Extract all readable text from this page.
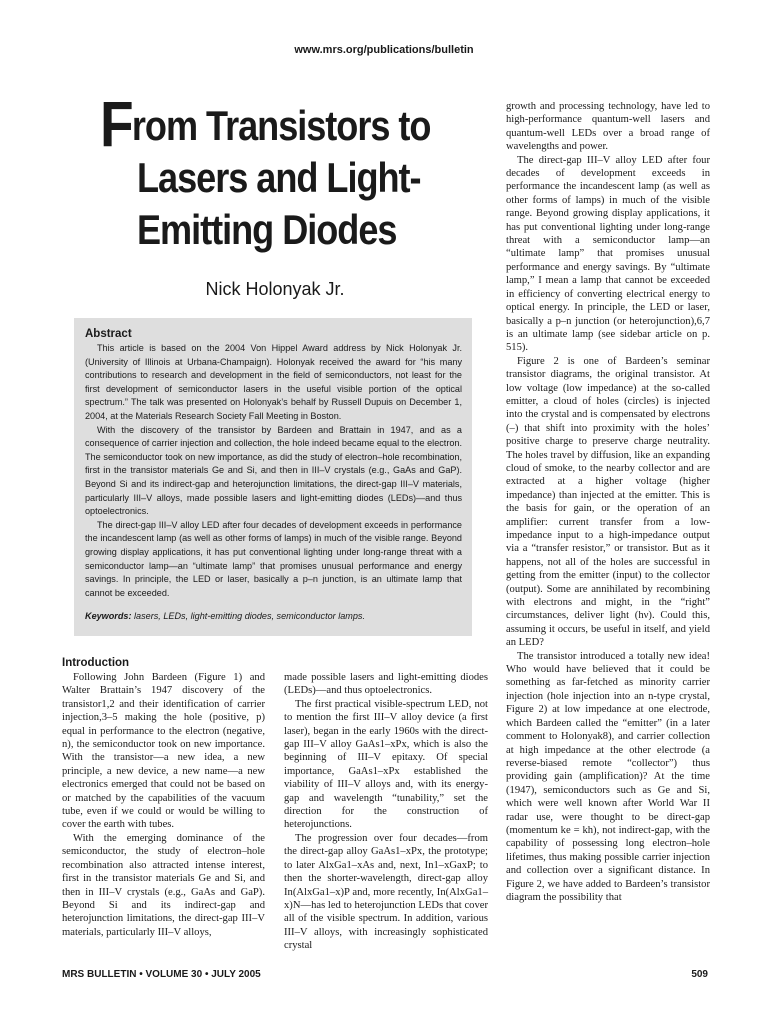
www.mrs.org/publications/bulletin
From Transistors to
Lasers and Light-
Emitting Diodes
Nick Holonyak Jr.
Abstract

This article is based on the 2004 Von Hippel Award address by Nick Holonyak Jr. (University of Illinois at Urbana-Champaign). Holonyak received the award for “his many contributions to research and development in the field of semiconductors, not least for the first development of semiconductor lasers in the useful visible portion of the optical spectrum.” The talk was presented on Holonyak’s behalf by Russell Dupuis on December 1, 2004, at the Materials Research Society Fall Meeting in Boston.

With the discovery of the transistor by Bardeen and Brattain in 1947, and as a consequence of carrier injection and collection, the hole indeed became equal to the electron. The semiconductor took on new importance, as did the study of electron–hole recombination, first in the transistor materials Ge and Si, and then in III–V crystals (e.g., GaAs and GaP). Beyond Si and its indirect-gap and heterojunction limitations, the direct-gap III–V materials, particularly III–V alloys, made possible lasers and light-emitting diodes (LEDs)—and thus optoelectronics.

The direct-gap III–V alloy LED after four decades of development exceeds in performance the incandescent lamp (as well as other forms of lamps) in much of the visible range. Beyond growing display applications, it has put conventional lighting under long-range threat with a semiconductor lamp—an “ultimate lamp” that promises unusual performance and energy savings. In principle, the LED or laser, basically a p–n junction, is an ultimate lamp that cannot be exceeded.

Keywords: lasers, LEDs, light-emitting diodes, semiconductor lamps.

Introduction

Following John Bardeen (Figure 1) and Walter Brattain’s 1947 discovery of the transistor1,2 and their identification of carrier injection,3–5 making the hole (positive, p) equal in performance to the electron (negative, n), the semiconductor took on new importance. With the transistor—a new idea, a new principle, a new device, a new name—a new electronics emerged that could not be based on or matched by the capabilities of the vacuum tube, even if we could or would be willing to cover the earth with tubes.

With the emerging dominance of the semiconductor, the study of electron–hole recombination also attracted intense interest, first in the transistor materials Ge and Si, and then in III–V crystals (e.g., GaAs and GaP). Beyond Si and its indirect-gap and heterojunction limitations, the direct-gap III–V materials, particularly III–V alloys,

made possible lasers and light-emitting diodes (LEDs)—and thus optoelectronics.

The first practical visible-spectrum LED, not to mention the first III–V alloy device (a first laser), began in the early 1960s with the direct-gap III–V alloy GaAs1–xPx, which is also the beginning of III–V epitaxy. Of special importance, GaAs1–xPx established the viability of III–V alloys and, with its energy-gap and wavelength “tunability,” set the direction for the construction of heterojunctions.

The progression over four decades—from the direct-gap alloy GaAs1–xPx, the prototype; to later AlxGa1–xAs and, next, In1–xGaxP; to then the shorter-wavelength, direct-gap alloy In(AlxGa1–x)P and, more recently, In(AlxGa1–x)N—has led to heterojunction LEDs that cover all of the visible spectrum. In addition, various III–V alloys, with increasingly sophisticated crystal

growth and processing technology, have led to high-performance quantum-well lasers and quantum-well LEDs over a broad range of wavelengths and power.

The direct-gap III–V alloy LED after four decades of development exceeds in performance the incandescent lamp (as well as other forms of lamps) in much of the visible range. Beyond growing display applications, it has put conventional lighting under long-range threat with a semiconductor lamp—an “ultimate lamp” that promises unusual performance and energy savings. By “ultimate lamp,” I mean a lamp that cannot be exceeded in efficiency of converting electrical energy to optical energy. In principle, the LED or laser, basically a p–n junction (or heterojunction),6,7 is an ultimate lamp (see sidebar article on p. 515).

Figure 2 is one of Bardeen’s seminar transistor diagrams, the original transistor. At low voltage (low impedance) at the so-called emitter, a cloud of holes (circles) is injected into the crystal and is compensated by electrons (–) that shift into proximity with the holes’ positive charge to preserve charge neutrality. The holes travel by diffusion, like an expanding cloud of smoke, to the nearby collector and are extracted at a higher voltage (higher impedance) than injected at the emitter. This is the basis for gain, or the operation of an amplifier: current transfer from a low-impedance input to a high-impedance output via a “transfer resistor,” or transistor. But as it happens, not all of the holes are successful in getting from the emitter (input) to the collector (output). Some are annihilated by recombining with electrons and might, in the “right” circumstances, deliver light (hν). Could this, assuming it occurs, be useful in itself, and yield an LED?

The transistor introduced a totally new idea! Who would have believed that it could be something as far-fetched as minority carrier injection (hole injection into an n-type crystal, Figure 2) at low impedance at one electrode, which Bardeen called the “emitter” (in a later comment to Holonyak8), and carrier collection at high impedance at the other electrode (a reverse-biased remote “collector”) thus providing gain (amplification)? At the time (1947), semiconductors such as Ge and Si, which were well known after World War II radar use, were thought to be direct-gap (momentum ke = kh), not indirect-gap, with the capability of possessing long electron–hole lifetimes, thus making possible carrier injection and collection over a significant distance. In Figure 2, we have added to Bardeen’s transistor diagram the possibility that

MRS BULLETIN • VOLUME 30 • JULY 2005	509
